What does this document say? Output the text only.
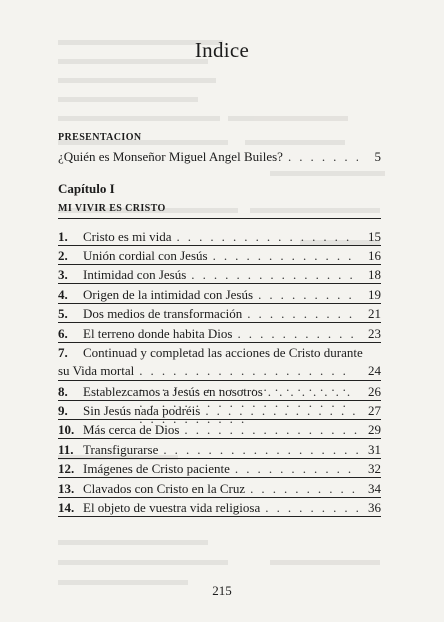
Indice
PRESENTACION
¿Quién es Monseñor Miguel Angel Builes? . . .	5
Capítulo I
MI VIVIR ES CRISTO
1.	Cristo es mi vida . . .	15
2.	Unión cordial con Jesús . . .	16
3.	Intimidad con Jesús . . .	18
4.	Origen de la intimidad con Jesús . . .	19
5.	Dos medios de transformación . . .	21
6.	El terreno donde habita Dios . . .	23
7.	Continuad y completad las acciones de Cristo durante
su Vida mortal . . .	24
8.	Establezcamos a Jesús en nosotros . . .	26
9.	Sin Jesús nada podréis . . .	27
10. Más cerca de Dios . . .	29
11. Transfigurarse . . .	31
12. Imágenes de Cristo paciente . . .	32
13. Clavados con Cristo en la Cruz . . .	34
14. El objeto de vuestra vida religiosa . . .	36
215
